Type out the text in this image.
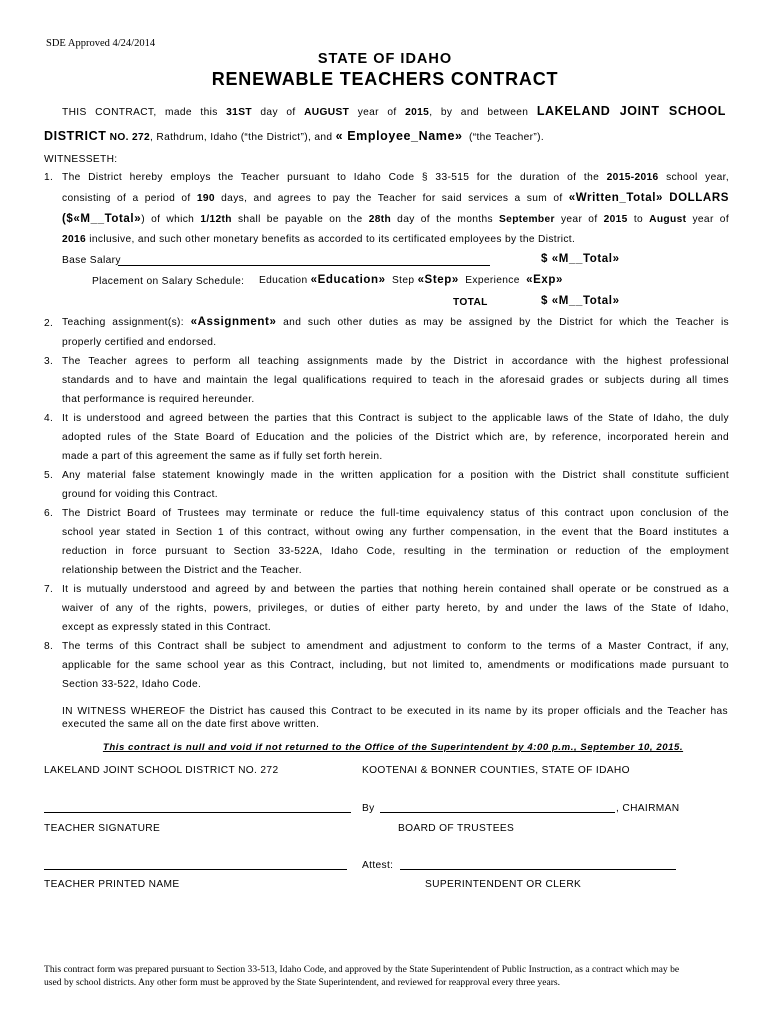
SDE Approved 4/24/2014
STATE OF IDAHO
RENEWABLE TEACHERS CONTRACT
THIS CONTRACT, made this 31ST day of AUGUST year of 2015, by and between LAKELAND JOINT SCHOOL
DISTRICT NO. 272, Rathdrum, Idaho (“the District”), and « Employee_Name» (“the Teacher”).
WITNESSETH:
1. The District hereby employs the Teacher pursuant to Idaho Code § 33-515 for the duration of the 2015-2016 school year,
consisting of a period of 190 days, and agrees to pay the Teacher for said services a sum of «Written_Total» DOLLARS
($«M__Total») of which 1/12th shall be payable on the 28th day of the months September year of 2015 to August year of
2016 inclusive, and such other monetary benefits as accorded to its certificated employees by the District.
Base Salary	$ «M__Total»
Placement on Salary Schedule: Education «Education» Step «Step» Experience «Exp»
TOTAL	$ «M__Total»
2. Teaching assignment(s): «Assignment» and such other duties as may be assigned by the District for which the Teacher is
properly certified and endorsed.
3. The Teacher agrees to perform all teaching assignments made by the District in accordance with the highest professional
standards and to have and maintain the legal qualifications required to teach in the aforesaid grades or subjects during all times
that performance is required hereunder.
4. It is understood and agreed between the parties that this Contract is subject to the applicable laws of the State of Idaho, the duly
adopted rules of the State Board of Education and the policies of the District which are, by reference, incorporated herein and
made a part of this agreement the same as if fully set forth herein.
5. Any material false statement knowingly made in the written application for a position with the District shall constitute sufficient
ground for voiding this Contract.
6. The District Board of Trustees may terminate or reduce the full-time equivalency status of this contract upon conclusion of the
school year stated in Section 1 of this contract, without owing any further compensation, in the event that the Board institutes a
reduction in force pursuant to Section 33-522A, Idaho Code, resulting in the termination or reduction of the employment
relationship between the District and the Teacher.
7. It is mutually understood and agreed by and between the parties that nothing herein contained shall operate or be construed as a
waiver of any of the rights, powers, privileges, or duties of either party hereto, by and under the laws of the State of Idaho,
except as expressly stated in this Contract.
8. The terms of this Contract shall be subject to amendment and adjustment to conform to the terms of a Master Contract, if any,
applicable for the same school year as this Contract, including, but not limited to, amendments or modifications made pursuant to
Section 33-522, Idaho Code.
IN WITNESS WHEREOF the District has caused this Contract to be executed in its name by its proper officials and the Teacher has
executed the same all on the date first above written.
This contract is null and void if not returned to the Office of the Superintendent by 4:00 p.m., September 10, 2015.
LAKELAND JOINT SCHOOL DISTRICT NO. 272	KOOTENAI & BONNER COUNTIES, STATE OF IDAHO
By	, CHAIRMAN
TEACHER SIGNATURE	BOARD OF TRUSTEES
Attest:
TEACHER PRINTED NAME	SUPERINTENDENT OR CLERK
This contract form was prepared pursuant to Section 33-513, Idaho Code, and approved by the State Superintendent of Public Instruction, as a contract which may be
used by school districts. Any other form must be approved by the State Superintendent, and reviewed for reapproval every three years.
